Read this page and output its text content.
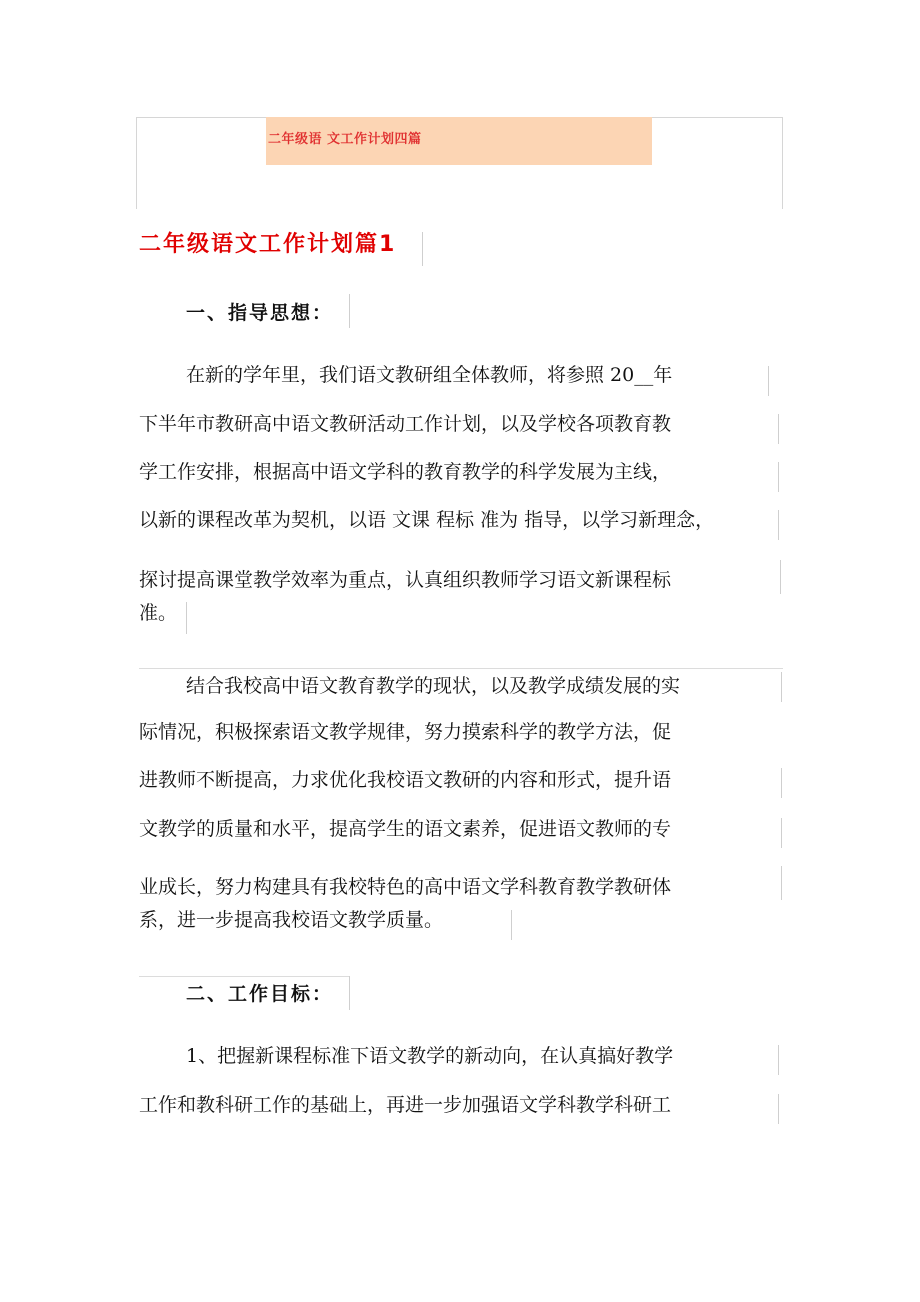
二年级语 文工作计划四篇
二年级语文工作计划篇1
一、指导思想：
在新的学年里，我们语文教研组全体教师，将参照 20__年
下半年市教研高中语文教研活动工作计划，以及学校各项教育教
学工作安排，根据高中语文学科的教育教学的科学发展为主线，
以新的课程改革为契机，以语 文课 程标 准为 指导，以学习新理念，
探讨提高课堂教学效率为重点，认真组织教师学习语文新课程标
准。
结合我校高中语文教育教学的现状，以及教学成绩发展的实
际情况，积极探索语文教学规律，努力摸索科学的教学方法，促
进教师不断提高，力求优化我校语文教研的内容和形式，提升语
文教学的质量和水平，提高学生的语文素养，促进语文教师的专
业成长，努力构建具有我校特色的高中语文学科教育教学教研体
系，进一步提高我校语文教学质量。
二、工作目标：
1、把握新课程标准下语文教学的新动向，在认真搞好教学
工作和教科研工作的基础上，再进一步加强语文学科教学科研工
